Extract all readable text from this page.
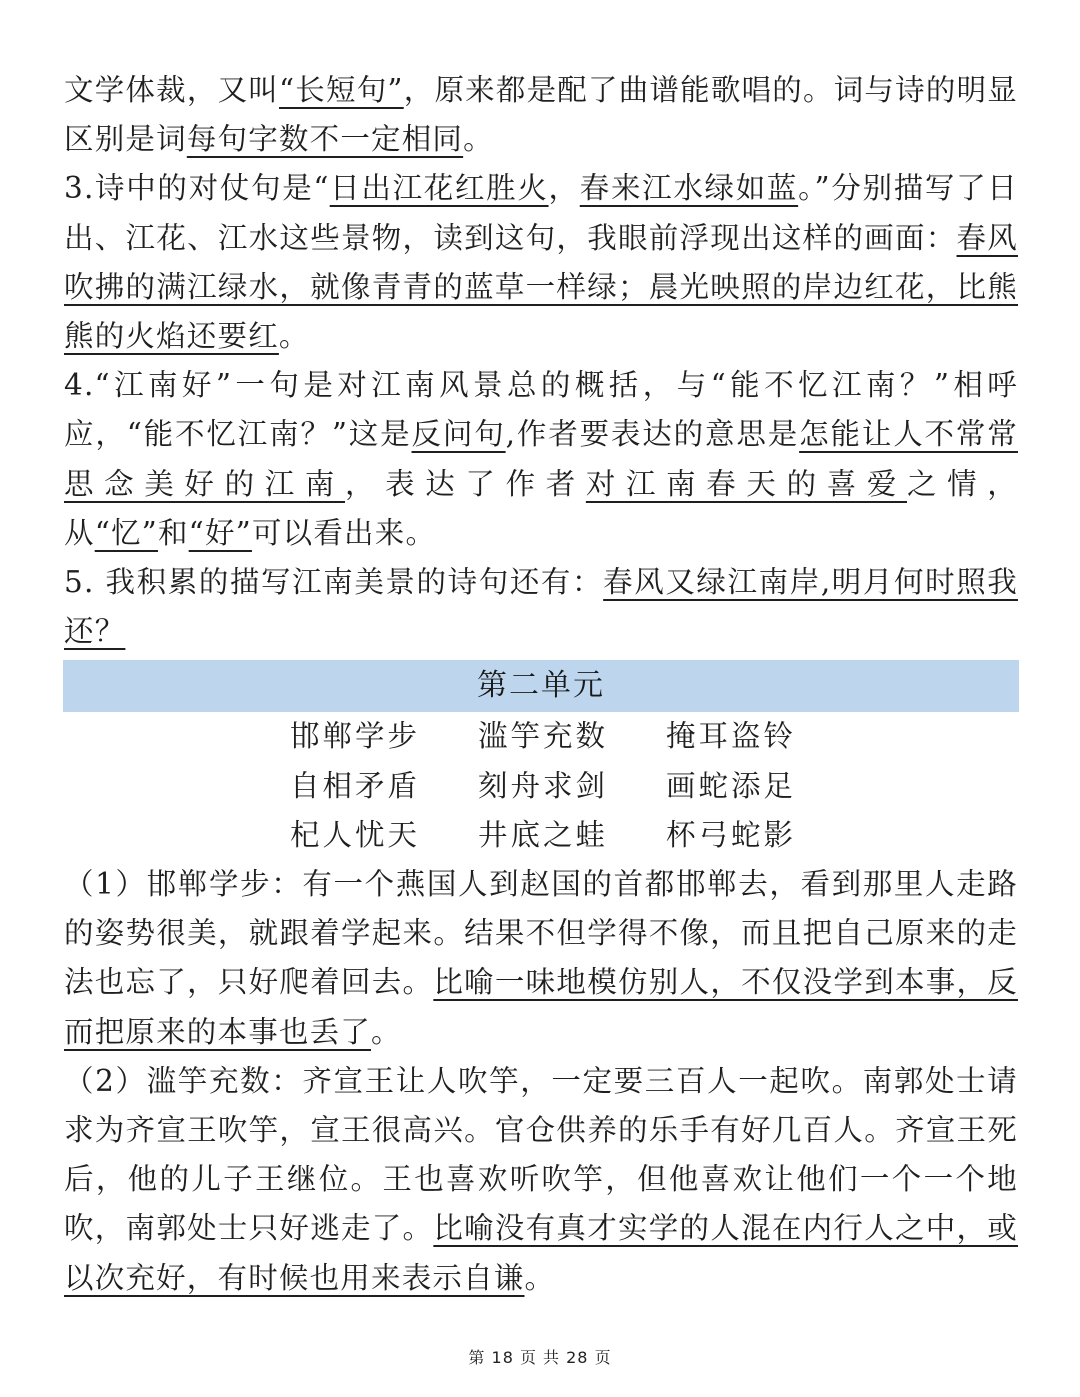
文学体裁，又叫“长短句”，原来都是配了曲谱能歌唱的。词与诗的明显区别是词每句字数不一定相同。

3.诗中的对仗句是“日出江花红胜火，春来江水绿如蓝。”分别描写了日出、江花、江水这些景物，读到这句，我眼前浮现出这样的画面：春风吹拂的满江绿水，就像青青的蓝草一样绿；晨光映照的岸边红花，比熊熊的火焰还要红。

4.“江南好”一句是对江南风景总的概括，与“能不忆江南？”相呼应，“能不忆江南？”这是反问句,作者要表达的意思是怎能让人不常常思念美好的江南，表达了作者对江南春天的喜爱之情，从“忆”和“好”可以看出来。

5. 我积累的描写江南美景的诗句还有：春风又绿江南岸,明月何时照我还？

第二单元
邯郸学步	滥竽充数	掩耳盗铃
自相矛盾	刻舟求剑	画蛇添足
杞人忧天	井底之蛙	杯弓蛇影

（1）邯郸学步：有一个燕国人到赵国的首都邯郸去，看到那里人走路的姿势很美，就跟着学起来。结果不但学得不像，而且把自己原来的走法也忘了，只好爬着回去。比喻一味地模仿别人，不仅没学到本事，反而把原来的本事也丢了。

（2）滥竽充数：齐宣王让人吹竽，一定要三百人一起吹。南郭处士请求为齐宣王吹竽，宣王很高兴。官仓供养的乐手有好几百人。齐宣王死后，他的儿子王继位。王也喜欢听吹竽，但他喜欢让他们一个一个地吹，南郭处士只好逃走了。比喻没有真才实学的人混在内行人之中，或以次充好，有时候也用来表示自谦。

第 18 页 共 28 页
